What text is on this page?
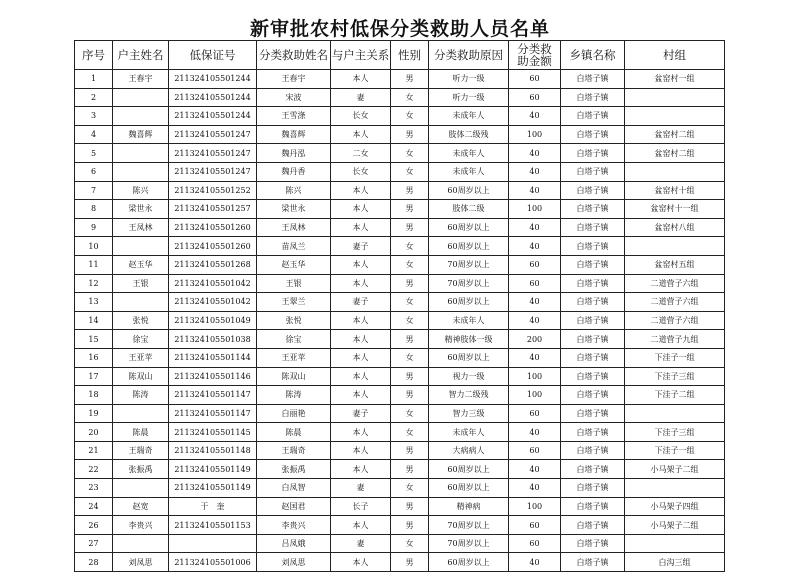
新审批农村低保分类救助人员名单
序号	户主姓名	低保证号	分类救助姓名	与户主关系	性别	分类救助原因	分类救助金额	乡镇名称	村组
1	王春宇	21132410550124​4	王春宇	本人	男	听力一级	60	白塔子镇	盆窑村一组
2		211324105501244	宋波	妻	女	听力一级	60	白塔子镇	
3		211324105501244	王雪涤	长女	女	未成年人	40	白塔子镇	
4	魏喜辉	211324105501247	魏喜辉	本人	男	肢体二级残	100	白塔子镇	盆窑村二组
5		211324105501247	魏丹泓	二女	女	未成年人	40	白塔子镇	盆窑村二组
6		211324105501247	魏丹香	长女	女	未成年人	40	白塔子镇	
7	陈兴	211324105501252	陈兴	本人	男	60周岁以上	40	白塔子镇	盆窑村十组
8	梁世永	211324105501257	梁世永	本人	男	肢体二级	100	白塔子镇	盆窑村十一组
9	王凤林	211324105501260	王凤林	本人	男	60周岁以上	40	白塔子镇	盆窑村八组
10		211324105501260	苗凤兰	妻子	女	60周岁以上	40	白塔子镇	
11	赵玉华	211324105501268	赵玉华	本人	女	70周岁以上	60	白塔子镇	盆窑村五组
12	王银	211324105501042	王银	本人	男	70周岁以上	60	白塔子镇	二道营子六组
13		211324105501042	王翠兰	妻子	女	60周岁以上	40	白塔子镇	二道营子六组
14	张悦	211324105501049	张悦	本人	女	未成年人	40	白塔子镇	二道营子六组
15	徐宝	211324105501038	徐宝	本人	男	精神肢体一级	200	白塔子镇	二道营子九组
16	王亚苹	211324105501144	王亚苹	本人	女	60周岁以上	40	白塔子镇	下洼子一组
17	陈双山	211324105501146	陈双山	本人	男	视力一级	100	白塔子镇	下洼子三组
18	陈涛	211324105501147	陈涛	本人	男	智力二级残	100	白塔子镇	下洼子二组
19		211324105501147	白丽艳	妻子	女	智力三级	60	白塔子镇	
20	陈晨	211324105501145	陈晨	本人	女	未成年人	40	白塔子镇	下洼子三组
21	王瑞奇	211324105501148	王瑞奇	本人	男	大病病人	60	白塔子镇	下洼子一组
22	张振禹	211324105501149	张振禹	本人	男	60周岁以上	40	白塔子镇	小马架子二组
23		211324105501149	白凤智	妻	女	60周岁以上	40	白塔子镇	
24	赵宽	于　奎	赵国君	长子	男	精神病	100	白塔子镇	小马架子四组
26	李贵兴	211324105501153	李贵兴	本人	男	70周岁以上	60	白塔子镇	小马架子二组
27			吕凤娥	妻	女	70周岁以上	60	白塔子镇	
28	刘凤思	211324105501006	刘凤思	本人	男	60周岁以上	40	白塔子镇	白沟三组
